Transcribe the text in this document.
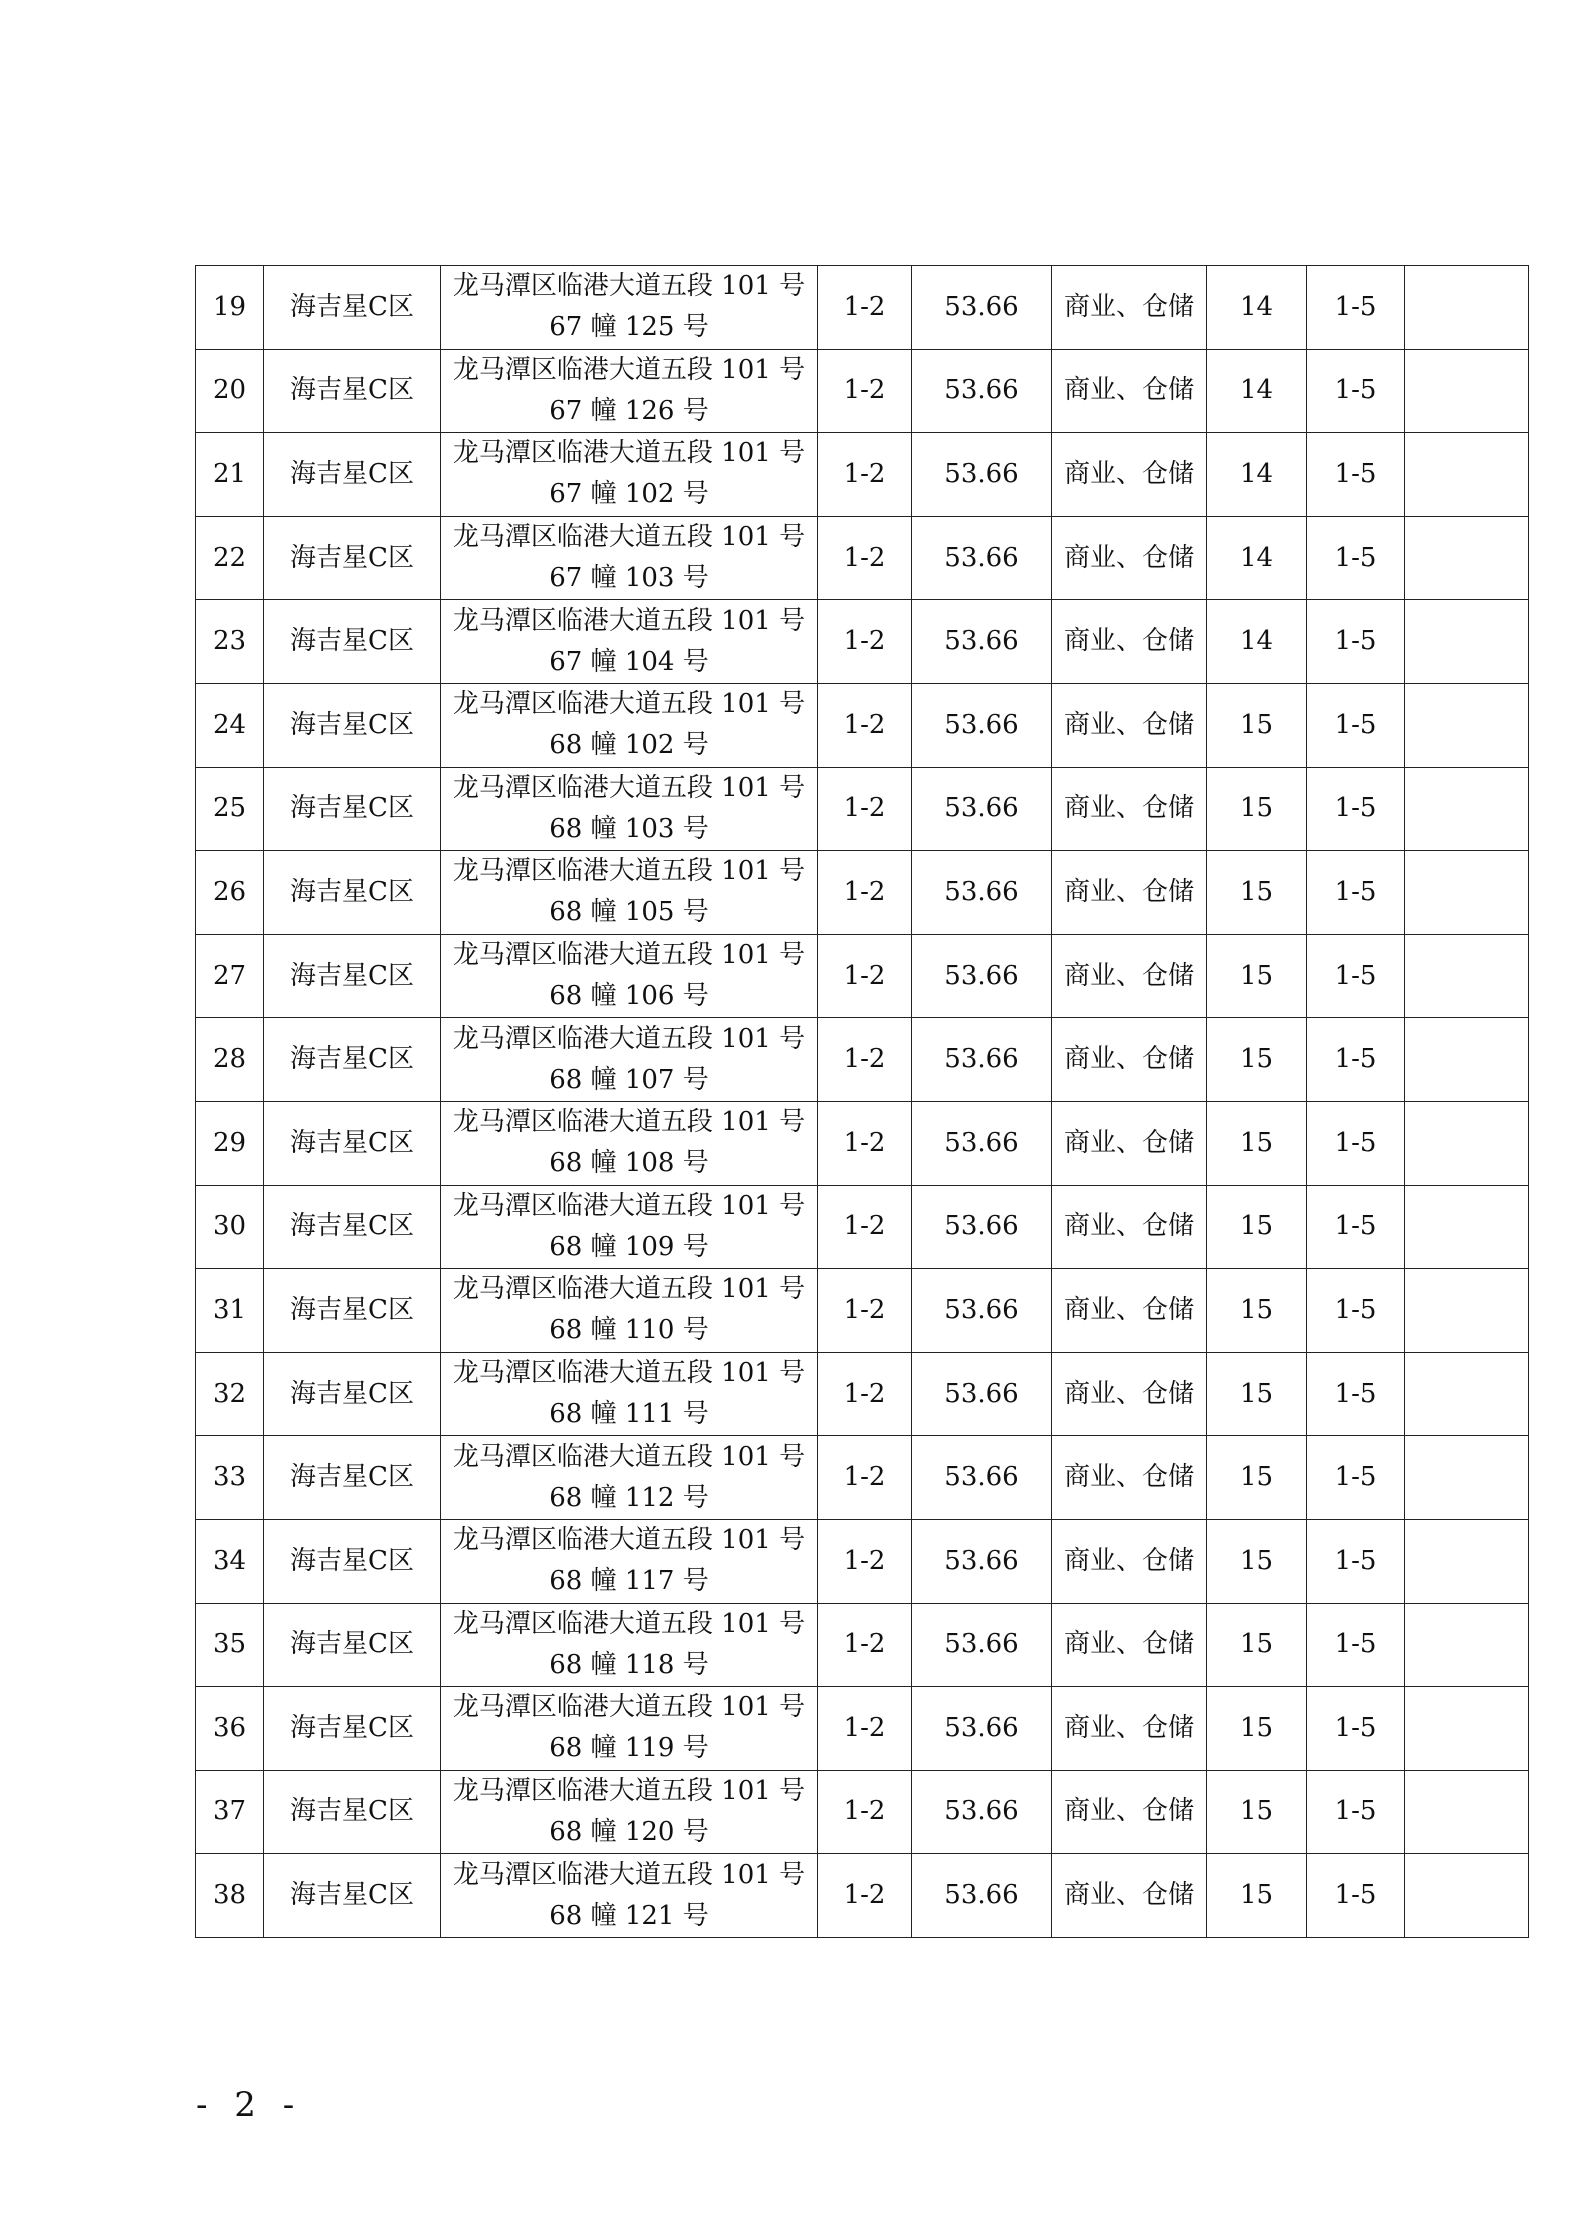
19	海吉星C区	龙马潭区临港大道五段 101 号
67 幢 125 号	1-2	53.66	商业、仓储	14	1-5	
20	海吉星C区	龙马潭区临港大道五段 101 号
67 幢 126 号	1-2	53.66	商业、仓储	14	1-5	
21	海吉星C区	龙马潭区临港大道五段 101 号
67 幢 102 号	1-2	53.66	商业、仓储	14	1-5	
22	海吉星C区	龙马潭区临港大道五段 101 号
67 幢 103 号	1-2	53.66	商业、仓储	14	1-5	
23	海吉星C区	龙马潭区临港大道五段 101 号
67 幢 104 号	1-2	53.66	商业、仓储	14	1-5	
24	海吉星C区	龙马潭区临港大道五段 101 号
68 幢 102 号	1-2	53.66	商业、仓储	15	1-5	
25	海吉星C区	龙马潭区临港大道五段 101 号
68 幢 103 号	1-2	53.66	商业、仓储	15	1-5	
26	海吉星C区	龙马潭区临港大道五段 101 号
68 幢 105 号	1-2	53.66	商业、仓储	15	1-5	
27	海吉星C区	龙马潭区临港大道五段 101 号
68 幢 106 号	1-2	53.66	商业、仓储	15	1-5	
28	海吉星C区	龙马潭区临港大道五段 101 号
68 幢 107 号	1-2	53.66	商业、仓储	15	1-5	
29	海吉星C区	龙马潭区临港大道五段 101 号
68 幢 108 号	1-2	53.66	商业、仓储	15	1-5	
30	海吉星C区	龙马潭区临港大道五段 101 号
68 幢 109 号	1-2	53.66	商业、仓储	15	1-5	
31	海吉星C区	龙马潭区临港大道五段 101 号
68 幢 110 号	1-2	53.66	商业、仓储	15	1-5	
32	海吉星C区	龙马潭区临港大道五段 101 号
68 幢 111 号	1-2	53.66	商业、仓储	15	1-5	
33	海吉星C区	龙马潭区临港大道五段 101 号
68 幢 112 号	1-2	53.66	商业、仓储	15	1-5	
34	海吉星C区	龙马潭区临港大道五段 101 号
68 幢 117 号	1-2	53.66	商业、仓储	15	1-5	
35	海吉星C区	龙马潭区临港大道五段 101 号
68 幢 118 号	1-2	53.66	商业、仓储	15	1-5	
36	海吉星C区	龙马潭区临港大道五段 101 号
68 幢 119 号	1-2	53.66	商业、仓储	15	1-5	
37	海吉星C区	龙马潭区临港大道五段 101 号
68 幢 120 号	1-2	53.66	商业、仓储	15	1-5	
38	海吉星C区	龙马潭区临港大道五段 101 号
68 幢 121 号	1-2	53.66	商业、仓储	15	1-5	
- 2 -
